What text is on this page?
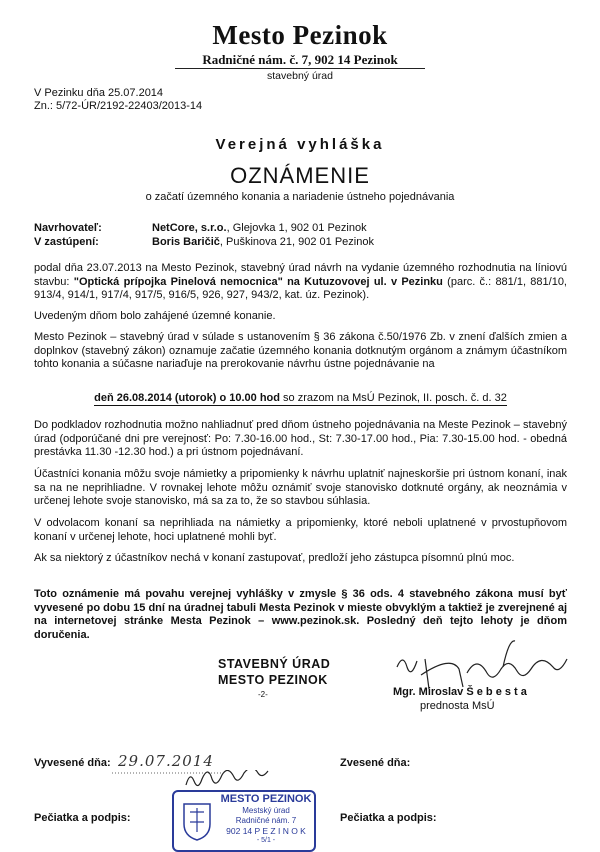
Mesto Pezinok
Radničné nám. č. 7, 902 14 Pezinok
stavebný úrad
V Pezinku dňa 25.07.2014
Zn.: 5/72-ÚR/2192-22403/2013-14
Verejná vyhláška
OZNÁMENIE
o začatí územného konania a nariadenie ústneho pojednávania
Navrhovateľ:	NetCore, s.r.o., Glejovka 1, 902 01 Pezinok
V zastúpení:	Boris Baričič, Puškinova 21, 902 01 Pezinok
podal dňa 23.07.2013 na Mesto Pezinok, stavebný úrad návrh na vydanie územného rozhodnutia na líniovú stavbu: "Optická prípojka Pinelová nemocnica" na Kutuzovovej ul. v Pezinku (parc. č.: 881/1, 881/10, 913/4, 914/1, 917/4, 917/5, 916/5, 926, 927, 943/2, kat. úz. Pezinok).
Uvedeným dňom bolo zahájené územné konanie.
Mesto Pezinok – stavebný úrad v súlade s ustanovením § 36 zákona č.50/1976 Zb. v znení ďalších zmien a doplnkov (stavebný zákon) oznamuje začatie územného konania dotknutým orgánom a známym účastníkom tohto konania a súčasne nariaďuje na prerokovanie návrhu ústne pojednávanie na
deň 26.08.2014 (utorok) o 10.00 hod so zrazom na MsÚ Pezinok, II. posch. č. d. 32
Do podkladov rozhodnutia možno nahliadnuť pred dňom ústneho pojednávania na Meste Pezinok – stavebný úrad (odporúčané dni pre verejnosť: Po: 7.30-16.00 hod., St: 7.30-17.00 hod., Pia: 7.30-15.00 hod. - obedná prestávka 11.30 -12.30 hod.) a pri ústnom pojednávaní.
Účastníci konania môžu svoje námietky a pripomienky k návrhu uplatniť najneskoršie pri ústnom konaní, inak sa na ne neprihliadne. V rovnakej lehote môžu oznámiť svoje stanovisko dotknuté orgány, ak neoznámia v určenej lehote svoje stanovisko, má sa za to, že so stavbou súhlasia.
V odvolacom konaní sa neprihliada na námietky a pripomienky, ktoré neboli uplatnené v prvostupňovom konaní v určenej lehote, hoci uplatnené mohli byť.
Ak sa niektorý z účastníkov nechá v konaní zastupovať, predloží jeho zástupca písomnú plnú moc.
Toto oznámenie má povahu verejnej vyhlášky v zmysle § 36 ods. 4 stavebného zákona musí byť vyvesené po dobu 15 dní na úradnej tabuli Mesta Pezinok v mieste obvyklým a taktiež je zverejnené aj na internetovej stránke Mesta Pezinok – www.pezinok.sk. Posledný deň tejto lehoty je dňom doručenia.
STAVEBNÝ ÚRAD
MESTO PEZINOK
-2-	Mgr. Miroslav Š e b e s t a
prednosta MsÚ
Vyvesené dňa: 29.07.2014	Zvesené dňa:
Pečiatka a podpis:	Pečiatka a podpis:
MESTO PEZINOK
Mestský úrad
Radničné nám. 7
902 14 P E Z I N O K
- 5/1 -
